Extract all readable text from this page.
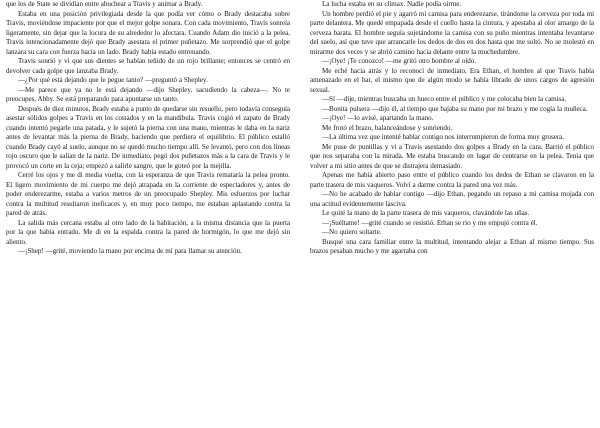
que los de State se dividían entre abuchear a Travis y animar a Brady.

Estaba en una posición privilegiada desde la que podía ver cómo o Brady destacaba sobre Travis, moviéndose impaciente por que el mejor golpe sonara. Con cada movimiento, Travis sonreía ligeramente, sin dejar que la locura de su alrededor lo afectara. Cuando Adam dio inició a la pelea, Travis intencionadamente dejó que Brady asestara el primer puñetazo. Me sorprendió que el golpe lanzara su cara con fuerza hacia un lado. Brady había estado entrenando.

Travis sonrió y vi que sus dientes se habían teñido de un rojo brillante; entonces se centró en devolver cada golpe que lanzaba Brady.

—¿Por qué está dejando que le pegue tanto? —preguntó a Shepley.

—Me parece que ya no le está dejando —dijo Shepley, sacudiendo la cabeza—. No te preocupes, Abby. Se está preparando para apuntarse un tanto.

Después de diez minutos, Brady estaba a punto de quedarse sin resuello, pero todavía conseguía asestar sólidos golpes a Travis en los costados y en la mandíbula. Travis cogió el zapato de Brady cuando intentó pegarle una patada, y le sujetó la pierna con una mano, mientras le daba en la nariz antes de levantar más la pierna de Brady, haciendo que perdiera el equilibrio. El público estalló cuando Brady cayó al suelo, aunque no se quedó mucho tiempo allí. Se levantó, pero con dos líneas rojo oscuro que le salían de la nariz. De inmediato, pegó dos puñetazos más a la cara de Travis y le provocó un corte en la ceja; empezó a salirle sangre, que le goteó por la mejilla.

Cerré los ojos y me di media vuelta, con la esperanza de que Travis remataría la pelea pronto. El ligero movimiento de mi cuerpo me dejó atrapada en la corriente de espectadores y, antes de poder enderezarme, estaba a varios metros de un preocupado Shepley. Mis esfuerzos por luchar contra la multitud resultaron ineficaces y, en muy poco tiempo, me estaban aplastando contra la pared de atrás.

La salida más cercana estaba al otro lado de la habitación, a la misma distancia que la puerta por la que había entrado. Me di en la espalda contra la pared de hormigón, lo que me dejó sin aliento.

—¡Shep! —grité, moviendo la mano por encima de mí para llamar su atención.

La lucha estaba en su clímax. Nadie podía oírme.

Un hombre perdió el pie y agarró mi camisa para enderezarse, tirándome la cerveza por toda mi parte delantera. Me quedé empapada desde el cuello hasta la cintura, y apestaba al olor amargo de la cerveza barata. El hombre seguía sujetándome la camisa con su puño mientras intentaba levantarse del suelo, así que tuve que arrancarle los dedos de dos en dos hasta que me soltó. No se molestó en mirarme dos veces y se abrió camino hacia delante entre la muchedumbre.

—¡Oye! ¡Te conozco! —me gritó otro hombre al oído.

Me eché hacia atrás y lo reconocí de inmediato, Era Ethan, el hombre al que Travis había amenazado en el bar, el mismo que de algún modo se había librado de unos cargos de agresión sexual.

—Sí —dije, mientras buscaba un hueco entre el público y me colocaba bien la camisa.

—Bonita pulsera —dijo él, al tiempo que bajaba su mano por mi brazo y me cogía la muñeca.

—¡Oye! —lo avisé, apartando la mano.

Me frotó el brazo, balanceándose y sonriendo.

—La última vez que intenté hablar contigo nos interrumpieron de forma muy grosera.

Me puse de puntillas y vi a Travis asestando dos golpes a Brady en la cara. Barrió el público que nos separaba con la mirada. Me estaba buscando en lugar de centrarse en la pelea. Tenía que volver a mi sitio antes de que se distrajera demasiado.

Apenas me había abierto paso entre el público cuando los dedos de Ethan se clavaron en la parte trasera de mis vaqueros. Volví a darme contra la pared una vez más.

—No he acabado de hablar contigo —dijo Ethan, pegando un repaso a mi camisa mojada con una actitud evidentemente lasciva.

Le quité la mano de la parte trasera de mis vaqueros, clavándole las uñas.

—¡Suéltame! —grité cuando se resistió. Ethan se rio y me empujó contra él.

—No quiero soltarte.

Busqué una cara familiar entre la multitud, intentando alejar a Ethan al mismo tiempo. Sus brazos pesaban mucho y me agarraba con
